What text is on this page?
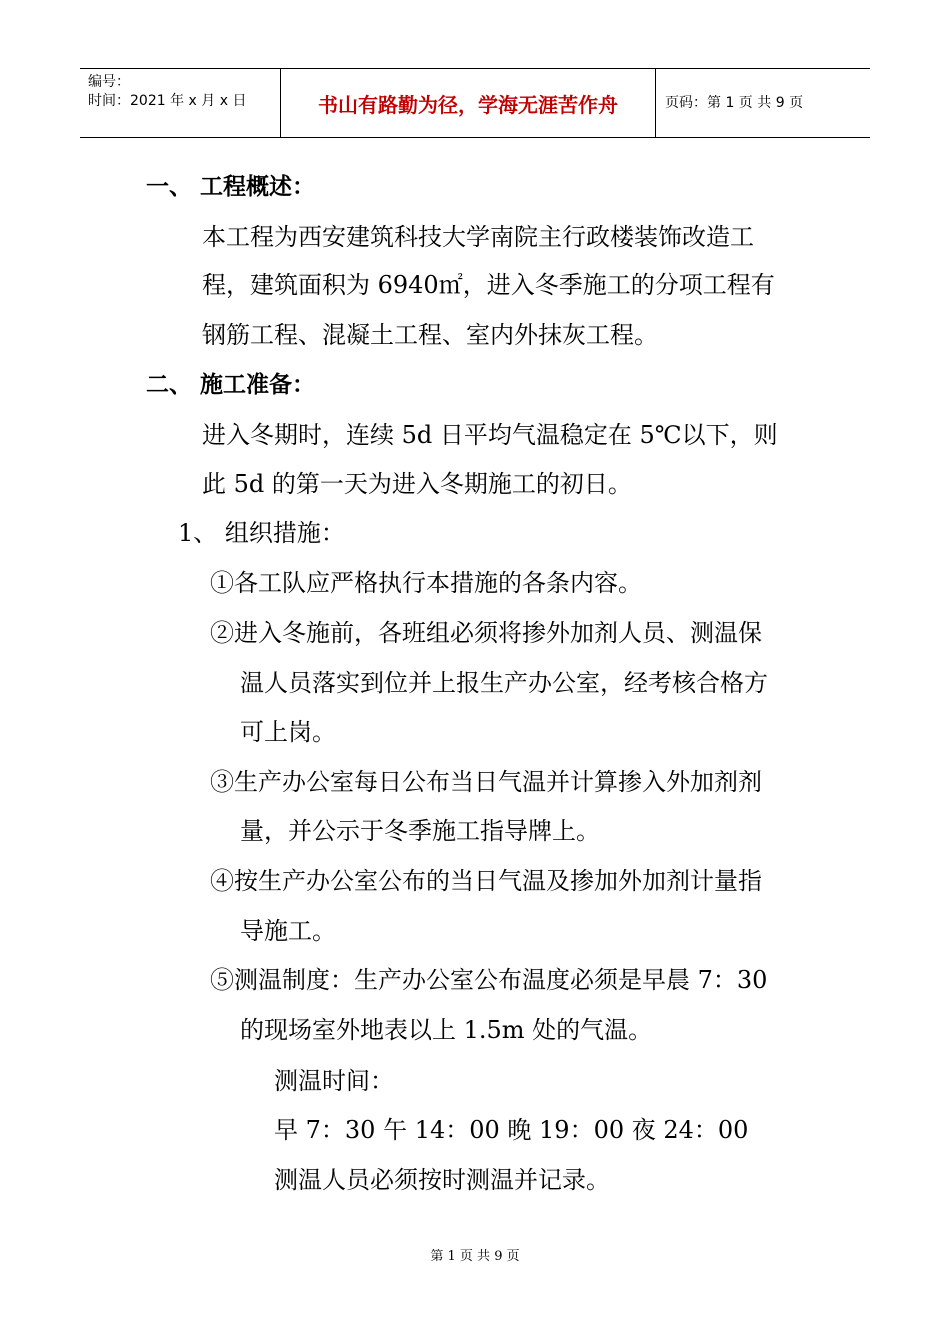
编号：
时间：2021 年 x 月 x 日	书山有路勤为径，学海无涯苦作舟	页码：第 1 页 共 9 页
一、 工程概述：
本工程为西安建筑科技大学南院主行政楼装饰改造工
程，建筑面积为 6940㎡，进入冬季施工的分项工程有
钢筋工程、混凝土工程、室内外抹灰工程。
二、 施工准备：
进入冬期时，连续 5d 日平均气温稳定在 5℃以下，则
此 5d 的第一天为进入冬期施工的初日。
1、 组织措施：
①各工队应严格执行本措施的各条内容。
②进入冬施前，各班组必须将掺外加剂人员、测温保
温人员落实到位并上报生产办公室，经考核合格方
可上岗。
③生产办公室每日公布当日气温并计算掺入外加剂剂
量，并公示于冬季施工指导牌上。
④按生产办公室公布的当日气温及掺加外加剂计量指
导施工。
⑤测温制度：生产办公室公布温度必须是早晨 7：30
的现场室外地表以上 1.5m 处的气温。
测温时间：
早 7：30 午 14：00 晚 19：00 夜 24：00
测温人员必须按时测温并记录。
第 1 页 共 9 页
